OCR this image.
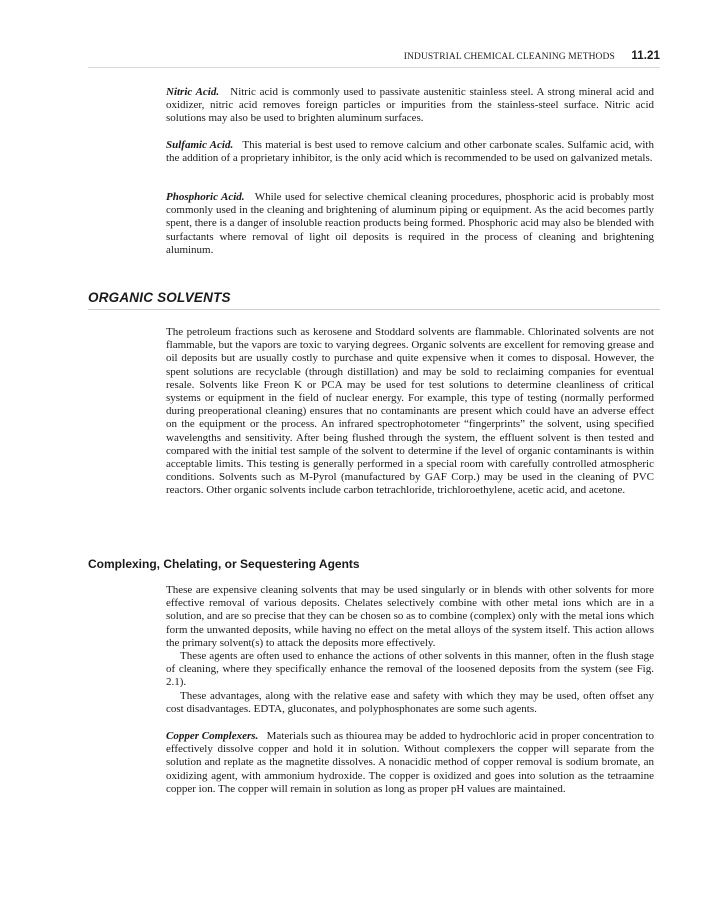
INDUSTRIAL CHEMICAL CLEANING METHODS 11.21

Nitric Acid. Nitric acid is commonly used to passivate austenitic stainless steel. A strong mineral acid and oxidizer, nitric acid removes foreign particles or impurities from the stainless-steel surface. Nitric acid solutions may also be used to brighten aluminum surfaces.

Sulfamic Acid. This material is best used to remove calcium and other carbonate scales. Sulfamic acid, with the addition of a proprietary inhibitor, is the only acid which is recommended to be used on galvanized metals.

Phosphoric Acid. While used for selective chemical cleaning procedures, phosphoric acid is probably most commonly used in the cleaning and brightening of aluminum piping or equipment. As the acid becomes partly spent, there is a danger of insoluble reaction products being formed. Phosphoric acid may also be blended with surfactants where removal of light oil deposits is required in the process of cleaning and brightening aluminum.

ORGANIC SOLVENTS

The petroleum fractions such as kerosene and Stoddard solvents are flammable. Chlorinated solvents are not flammable, but the vapors are toxic to varying degrees. Organic solvents are excellent for removing grease and oil deposits but are usually costly to purchase and quite expensive when it comes to disposal. However, the spent solutions are recyclable (through distillation) and may be sold to reclaiming companies for eventual resale. Solvents like Freon K or PCA may be used for test solutions to determine cleanliness of critical systems or equipment in the field of nuclear energy. For example, this type of testing (normally performed during preoperational cleaning) ensures that no contaminants are present which could have an adverse effect on the equipment or the process. An infrared spectrophotometer “fingerprints” the solvent, using specified wavelengths and sensitivity. After being flushed through the system, the effluent solvent is then tested and compared with the initial test sample of the solvent to determine if the level of organic contaminants is within acceptable limits. This testing is generally performed in a special room with carefully controlled atmospheric conditions. Solvents such as M-Pyrol (manufactured by GAF Corp.) may be used in the cleaning of PVC reactors. Other organic solvents include carbon tetrachloride, trichloroethylene, acetic acid, and acetone.

Complexing, Chelating, or Sequestering Agents

These are expensive cleaning solvents that may be used singularly or in blends with other solvents for more effective removal of various deposits. Chelates selectively combine with other metal ions which are in a solution, and are so precise that they can be chosen so as to combine (complex) only with the metal ions which form the unwanted deposits, while having no effect on the metal alloys of the system itself. This action allows the primary solvent(s) to attack the deposits more effectively.

These agents are often used to enhance the actions of other solvents in this manner, often in the flush stage of cleaning, where they specifically enhance the removal of the loosened deposits from the system (see Fig. 2.1).

These advantages, along with the relative ease and safety with which they may be used, often offset any cost disadvantages. EDTA, gluconates, and polyphosphonates are some such agents.

Copper Complexers. Materials such as thiourea may be added to hydrochloric acid in proper concentration to effectively dissolve copper and hold it in solution. Without complexers the copper will separate from the solution and replate as the magnetite dissolves. A nonacidic method of copper removal is sodium bromate, an oxidizing agent, with ammonium hydroxide. The copper is oxidized and goes into solution as the tetraamine copper ion. The copper will remain in solution as long as proper pH values are maintained.
